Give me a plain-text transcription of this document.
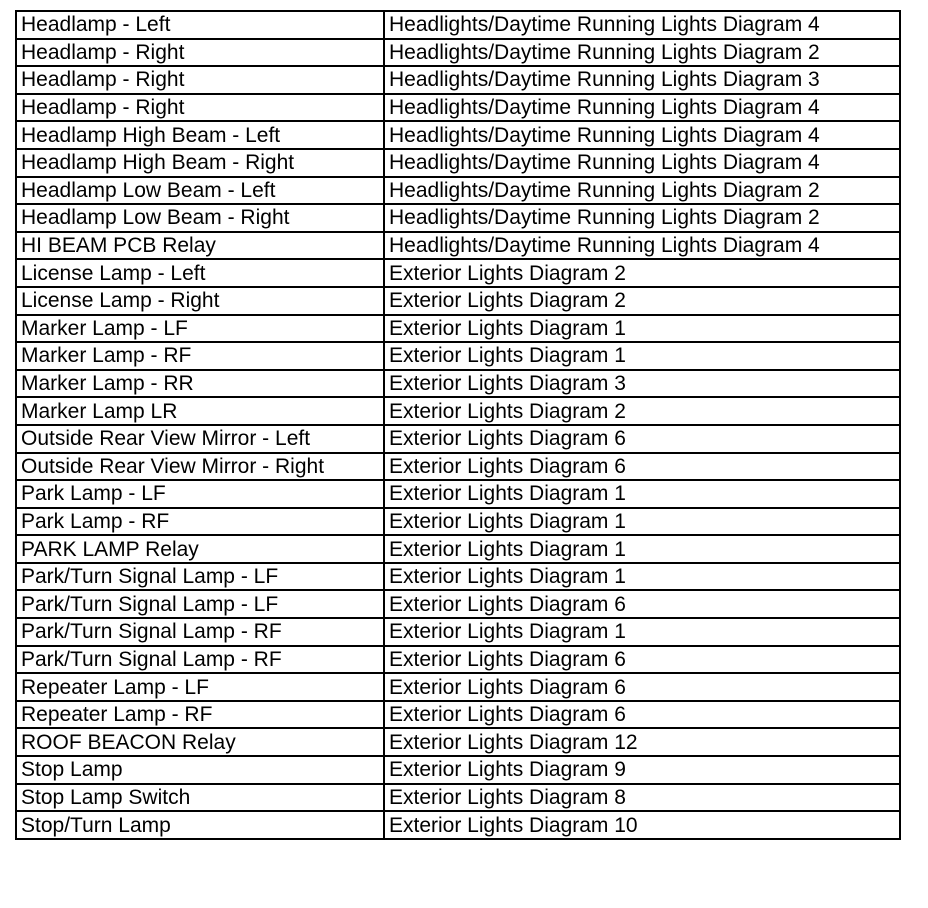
Headlamp - Left	Headlights/Daytime Running Lights Diagram 4
Headlamp - Right	Headlights/Daytime Running Lights Diagram 2
Headlamp - Right	Headlights/Daytime Running Lights Diagram 3
Headlamp - Right	Headlights/Daytime Running Lights Diagram 4
Headlamp High Beam - Left	Headlights/Daytime Running Lights Diagram 4
Headlamp High Beam - Right	Headlights/Daytime Running Lights Diagram 4
Headlamp Low Beam - Left	Headlights/Daytime Running Lights Diagram 2
Headlamp Low Beam - Right	Headlights/Daytime Running Lights Diagram 2
HI BEAM PCB Relay	Headlights/Daytime Running Lights Diagram 4
License Lamp - Left	Exterior Lights Diagram 2
License Lamp - Right	Exterior Lights Diagram 2
Marker Lamp - LF	Exterior Lights Diagram 1
Marker Lamp - RF	Exterior Lights Diagram 1
Marker Lamp - RR	Exterior Lights Diagram 3
Marker Lamp LR	Exterior Lights Diagram 2
Outside Rear View Mirror - Left	Exterior Lights Diagram 6
Outside Rear View Mirror - Right	Exterior Lights Diagram 6
Park Lamp - LF	Exterior Lights Diagram 1
Park Lamp - RF	Exterior Lights Diagram 1
PARK LAMP Relay	Exterior Lights Diagram 1
Park/Turn Signal Lamp - LF	Exterior Lights Diagram 1
Park/Turn Signal Lamp - LF	Exterior Lights Diagram 6
Park/Turn Signal Lamp - RF	Exterior Lights Diagram 1
Park/Turn Signal Lamp - RF	Exterior Lights Diagram 6
Repeater Lamp - LF	Exterior Lights Diagram 6
Repeater Lamp - RF	Exterior Lights Diagram 6
ROOF BEACON Relay	Exterior Lights Diagram 12
Stop Lamp	Exterior Lights Diagram 9
Stop Lamp Switch	Exterior Lights Diagram 8
Stop/Turn Lamp	Exterior Lights Diagram 10
